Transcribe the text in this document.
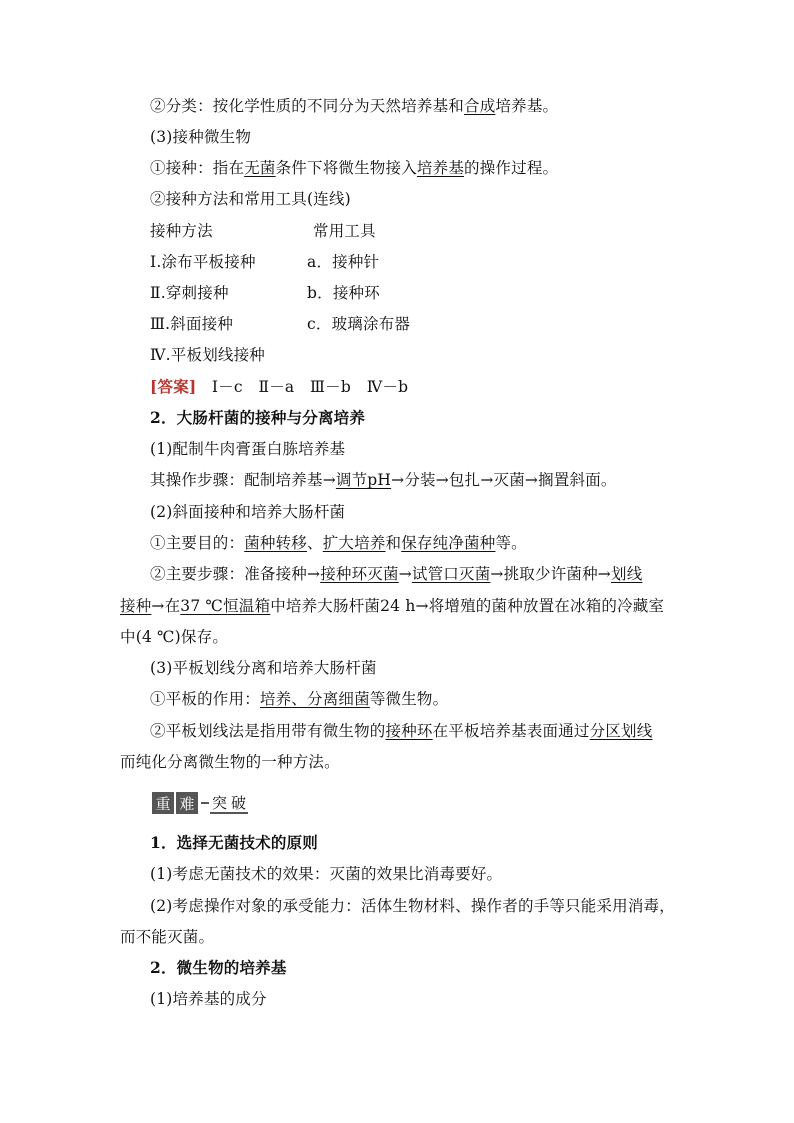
②分类：按化学性质的不同分为天然培养基和合成培养基。
(3)接种微生物
①接种：指在无菌条件下将微生物接入培养基的操作过程。
②接种方法和常用工具(连线)
接种方法	常用工具
Ⅰ.涂布平板接种	a．接种针
Ⅱ.穿刺接种	b．接种环
Ⅲ.斜面接种	c．玻璃涂布器
Ⅳ.平板划线接种
[答案] Ⅰ－c　Ⅱ－a　Ⅲ－b　Ⅳ－b
2．大肠杆菌的接种与分离培养
(1)配制牛肉膏蛋白胨培养基
其操作步骤：配制培养基→调节pH→分装→包扎→灭菌→搁置斜面。
(2)斜面接种和培养大肠杆菌
①主要目的：菌种转移、扩大培养和保存纯净菌种等。
②主要步骤：准备接种→接种环灭菌→试管口灭菌→挑取少许菌种→划线
接种→在37 ℃恒温箱中培养大肠杆菌24 h→将增殖的菌种放置在冰箱的冷藏室
中(4 ℃)保存。
(3)平板划线分离和培养大肠杆菌
①平板的作用：培养、分离细菌等微生物。
②平板划线法是指用带有微生物的接种环在平板培养基表面通过分区划线
而纯化分离微生物的一种方法。
重 难 突 破
1．选择无菌技术的原则
(1)考虑无菌技术的效果：灭菌的效果比消毒要好。
(2)考虑操作对象的承受能力：活体生物材料、操作者的手等只能采用消毒，
而不能灭菌。
2．微生物的培养基
(1)培养基的成分
